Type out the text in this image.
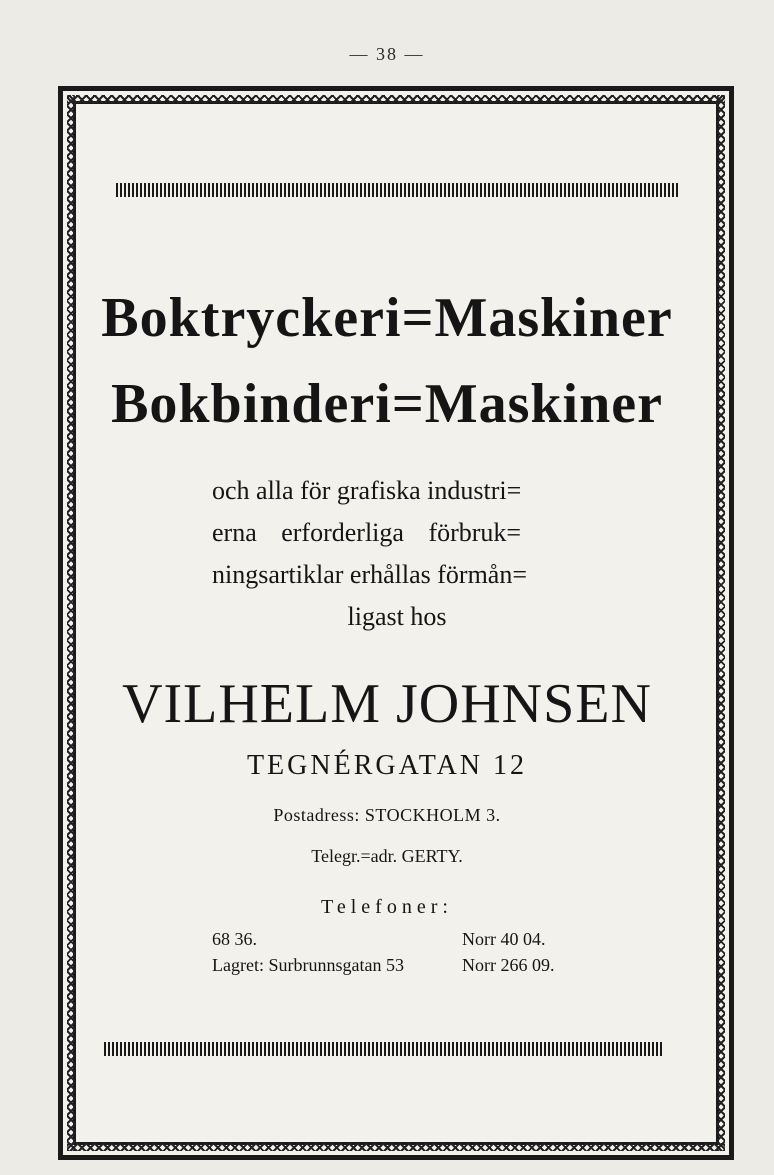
— 38 —
Boktryckeri=Maskiner
Bokbinderi=Maskiner
och alla för grafiska industri=
erna erforderliga förbruk=
ningsartiklar erhållas förmån=
ligast hos
VILHELM JOHNSEN
TEGNÉRGATAN 12
Postadress: STOCKHOLM 3.
Telegr.=adr. GERTY.
Telefoner:
68 36.	Norr 40 04.
Lagret: Surbrunnsgatan 53	Norr 266 09.
